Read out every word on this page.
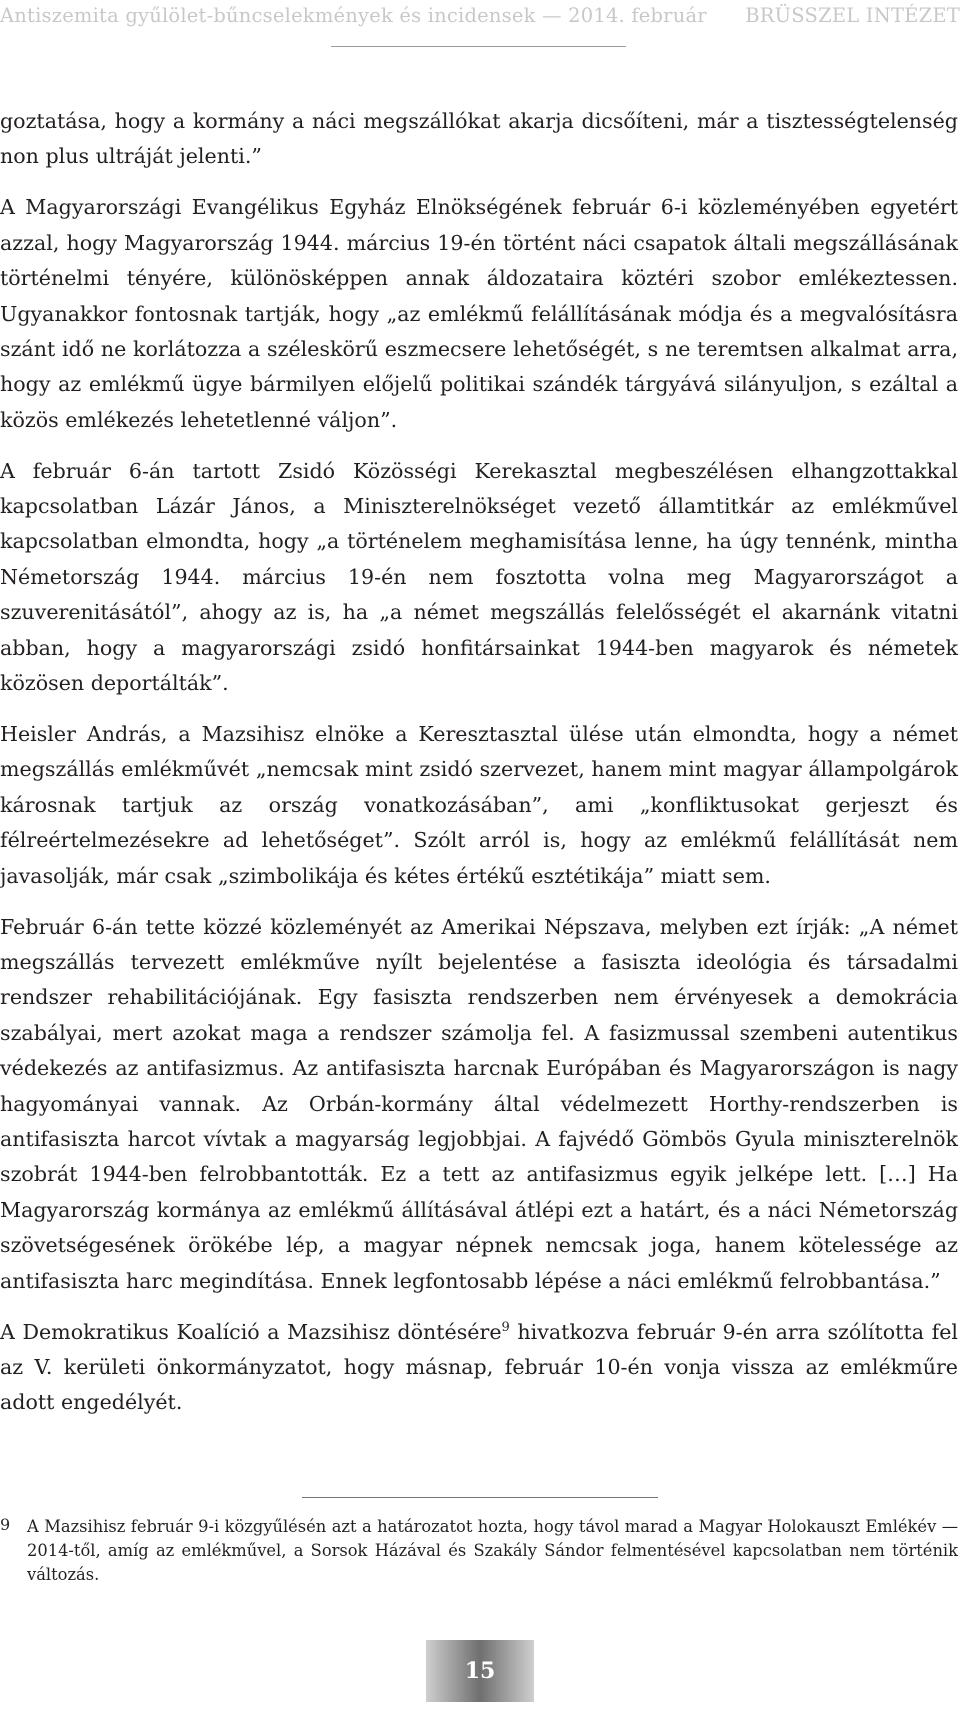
Antiszemita gyűlölet-bűncselekmények és incidensek — 2014. február BRÜSSZEL INTÉZET

goztatása, hogy a kormány a náci megszállókat akarja dicsőíteni, már a tisztességtelenség non plus ultráját jelenti.”

A Magyarországi Evangélikus Egyház Elnökségének február 6-i közleményében egyetért azzal, hogy Magyarország 1944. március 19-én történt náci csapatok általi megszállásának történelmi tényére, különösképpen annak áldozataira köztéri szobor emlékeztessen. Ugyanakkor fontosnak tartják, hogy „az emlékmű felállításának módja és a megvalósításra szánt idő ne korlátozza a széleskörű eszmecsere lehetőségét, s ne teremtsen alkalmat arra, hogy az emlékmű ügye bármilyen előjelű politikai szándék tárgyává silányuljon, s ezáltal a közös emlékezés lehetetlenné váljon”.

A február 6-án tartott Zsidó Közösségi Kerekasztal megbeszélésen elhangzottakkal kapcsolatban Lázár János, a Miniszterelnökséget vezető államtitkár az emlékművel kapcsolatban elmondta, hogy „a történelem meghamisítása lenne, ha úgy tennénk, mintha Németország 1944. március 19-én nem fosztotta volna meg Magyarországot a szuverenitásától”, ahogy az is, ha „a német megszállás felelősségét el akarnánk vitatni abban, hogy a magyarországi zsidó honfitársainkat 1944-ben magyarok és németek közösen deportálták”.

Heisler András, a Mazsihisz elnöke a Keresztasztal ülése után elmondta, hogy a német megszállás emlékművét „nemcsak mint zsidó szervezet, hanem mint magyar állampolgárok károsnak tartjuk az ország vonatkozásában”, ami „konfliktusokat gerjeszt és félreértelmezésekre ad lehetőséget”. Szólt arról is, hogy az emlékmű felállítását nem javasolják, már csak „szimbolikája és kétes értékű esztétikája” miatt sem.

Február 6-án tette közzé közleményét az Amerikai Népszava, melyben ezt írják: „A német megszállás tervezett emlékműve nyílt bejelentése a fasiszta ideológia és társadalmi rendszer rehabilitációjának. Egy fasiszta rendszerben nem érvényesek a demokrácia szabályai, mert azokat maga a rendszer számolja fel. A fasizmussal szembeni autentikus védekezés az antifasizmus. Az antifasiszta harcnak Európában és Magyarországon is nagy hagyományai vannak. Az Orbán-kormány által védelmezett Horthy-rendszerben is antifasiszta harcot vívtak a magyarság legjobbjai. A fajvédő Gömbös Gyula miniszterelnök szobrát 1944-ben felrobbantották. Ez a tett az antifasizmus egyik jelképe lett. […] Ha Magyarország kormánya az emlékmű állításával átlépi ezt a határt, és a náci Németország szövetségesének örökébe lép, a magyar népnek nemcsak joga, hanem kötelessége az antifasiszta harc megindítása. Ennek legfontosabb lépése a náci emlékmű felrobbantása.”

A Demokratikus Koalíció a Mazsihisz döntésére$^9$ hivatkozva február 9-én arra szólította fel az V. kerületi önkormányzatot, hogy másnap, február 10-én vonja vissza az emlékműre adott engedélyét.

9 A Mazsihisz február 9-i közgyűlésén azt a határozatot hozta, hogy távol marad a Magyar Holokauszt Emlékév — 2014-től, amíg az emlékművel, a Sorsok Házával és Szakály Sándor felmentésével kapcsolatban nem történik változás.
15
